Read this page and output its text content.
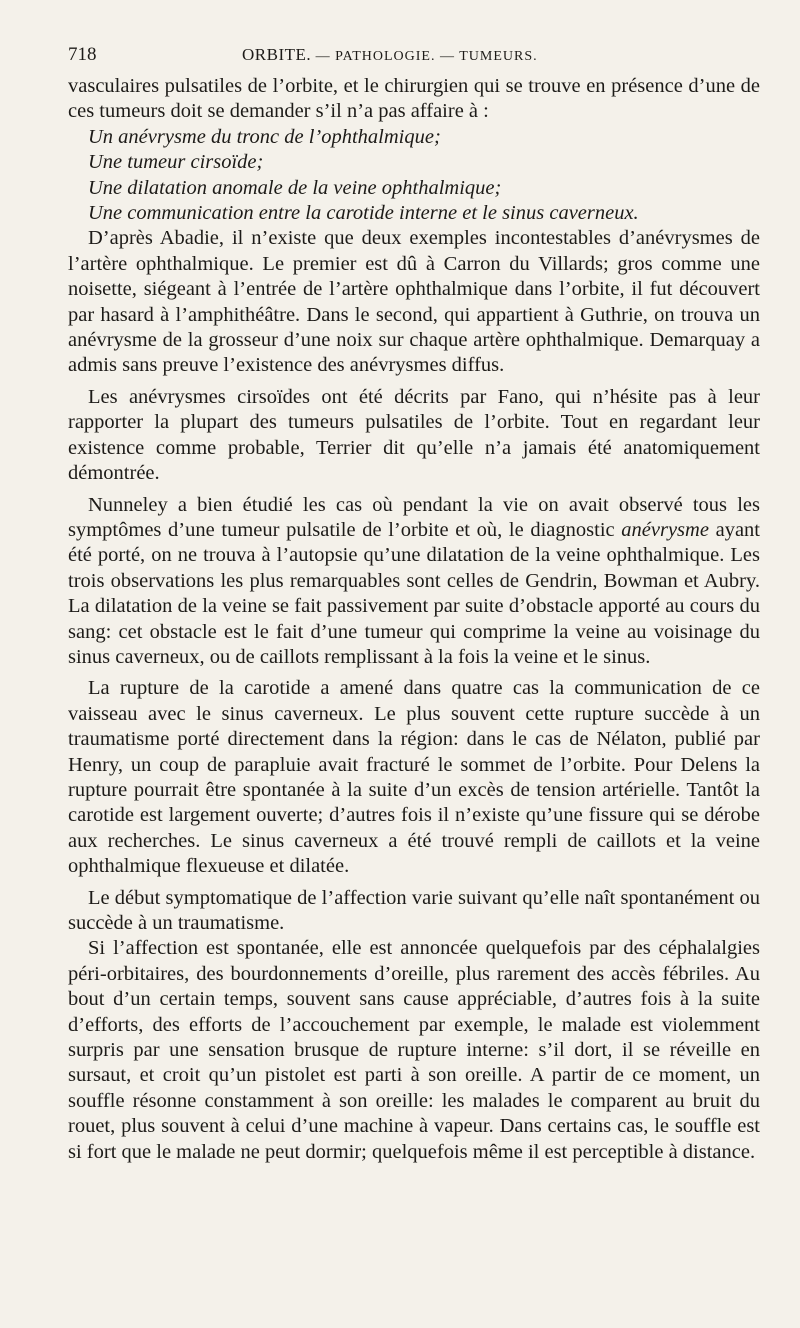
718	ORBITE. — PATHOLOGIE. — TUMEURS.

vasculaires pulsatiles de l’orbite, et le chirurgien qui se trouve en présence d’une de ces tumeurs doit se demander s’il n’a pas affaire à :

Un anévrysme du tronc de l’ophthalmique;

Une tumeur cirsoïde;

Une dilatation anomale de la veine ophthalmique;

Une communication entre la carotide interne et le sinus caverneux.

D’après Abadie, il n’existe que deux exemples incontestables d’anévrysmes de l’artère ophthalmique. Le premier est dû à Carron du Villards; gros comme une noisette, siégeant à l’entrée de l’artère ophthalmique dans l’orbite, il fut découvert par hasard à l’amphithéâtre. Dans le second, qui appartient à Guthrie, on trouva un anévrysme de la grosseur d’une noix sur chaque artère ophthalmique. Demarquay a admis sans preuve l’existence des anévrysmes diffus.

Les anévrysmes cirsoïdes ont été décrits par Fano, qui n’hésite pas à leur rapporter la plupart des tumeurs pulsatiles de l’orbite. Tout en regardant leur existence comme probable, Terrier dit qu’elle n’a jamais été anatomiquement démontrée.

Nunneley a bien étudié les cas où pendant la vie on avait observé tous les symptômes d’une tumeur pulsatile de l’orbite et où, le diagnostic anévrysme ayant été porté, on ne trouva à l’autopsie qu’une dilatation de la veine ophthalmique. Les trois observations les plus remarquables sont celles de Gendrin, Bowman et Aubry. La dilatation de la veine se fait passivement par suite d’obstacle apporté au cours du sang: cet obstacle est le fait d’une tumeur qui comprime la veine au voisinage du sinus caverneux, ou de caillots remplissant à la fois la veine et le sinus.

La rupture de la carotide a amené dans quatre cas la communication de ce vaisseau avec le sinus caverneux. Le plus souvent cette rupture succède à un traumatisme porté directement dans la région: dans le cas de Nélaton, publié par Henry, un coup de parapluie avait fracturé le sommet de l’orbite. Pour Delens la rupture pourrait être spontanée à la suite d’un excès de tension artérielle. Tantôt la carotide est largement ouverte; d’autres fois il n’existe qu’une fissure qui se dérobe aux recherches. Le sinus caverneux a été trouvé rempli de caillots et la veine ophthalmique flexueuse et dilatée.

Le début symptomatique de l’affection varie suivant qu’elle naît spontanément ou succède à un traumatisme.

Si l’affection est spontanée, elle est annoncée quelquefois par des céphalalgies péri-orbitaires, des bourdonnements d’oreille, plus rarement des accès fébriles. Au bout d’un certain temps, souvent sans cause appréciable, d’autres fois à la suite d’efforts, des efforts de l’accouchement par exemple, le malade est violemment surpris par une sensation brusque de rupture interne: s’il dort, il se réveille en sursaut, et croit qu’un pistolet est parti à son oreille. A partir de ce moment, un souffle résonne constamment à son oreille: les malades le comparent au bruit du rouet, plus souvent à celui d’une machine à vapeur. Dans certains cas, le souffle est si fort que le malade ne peut dormir; quelquefois même il est perceptible à distance.
